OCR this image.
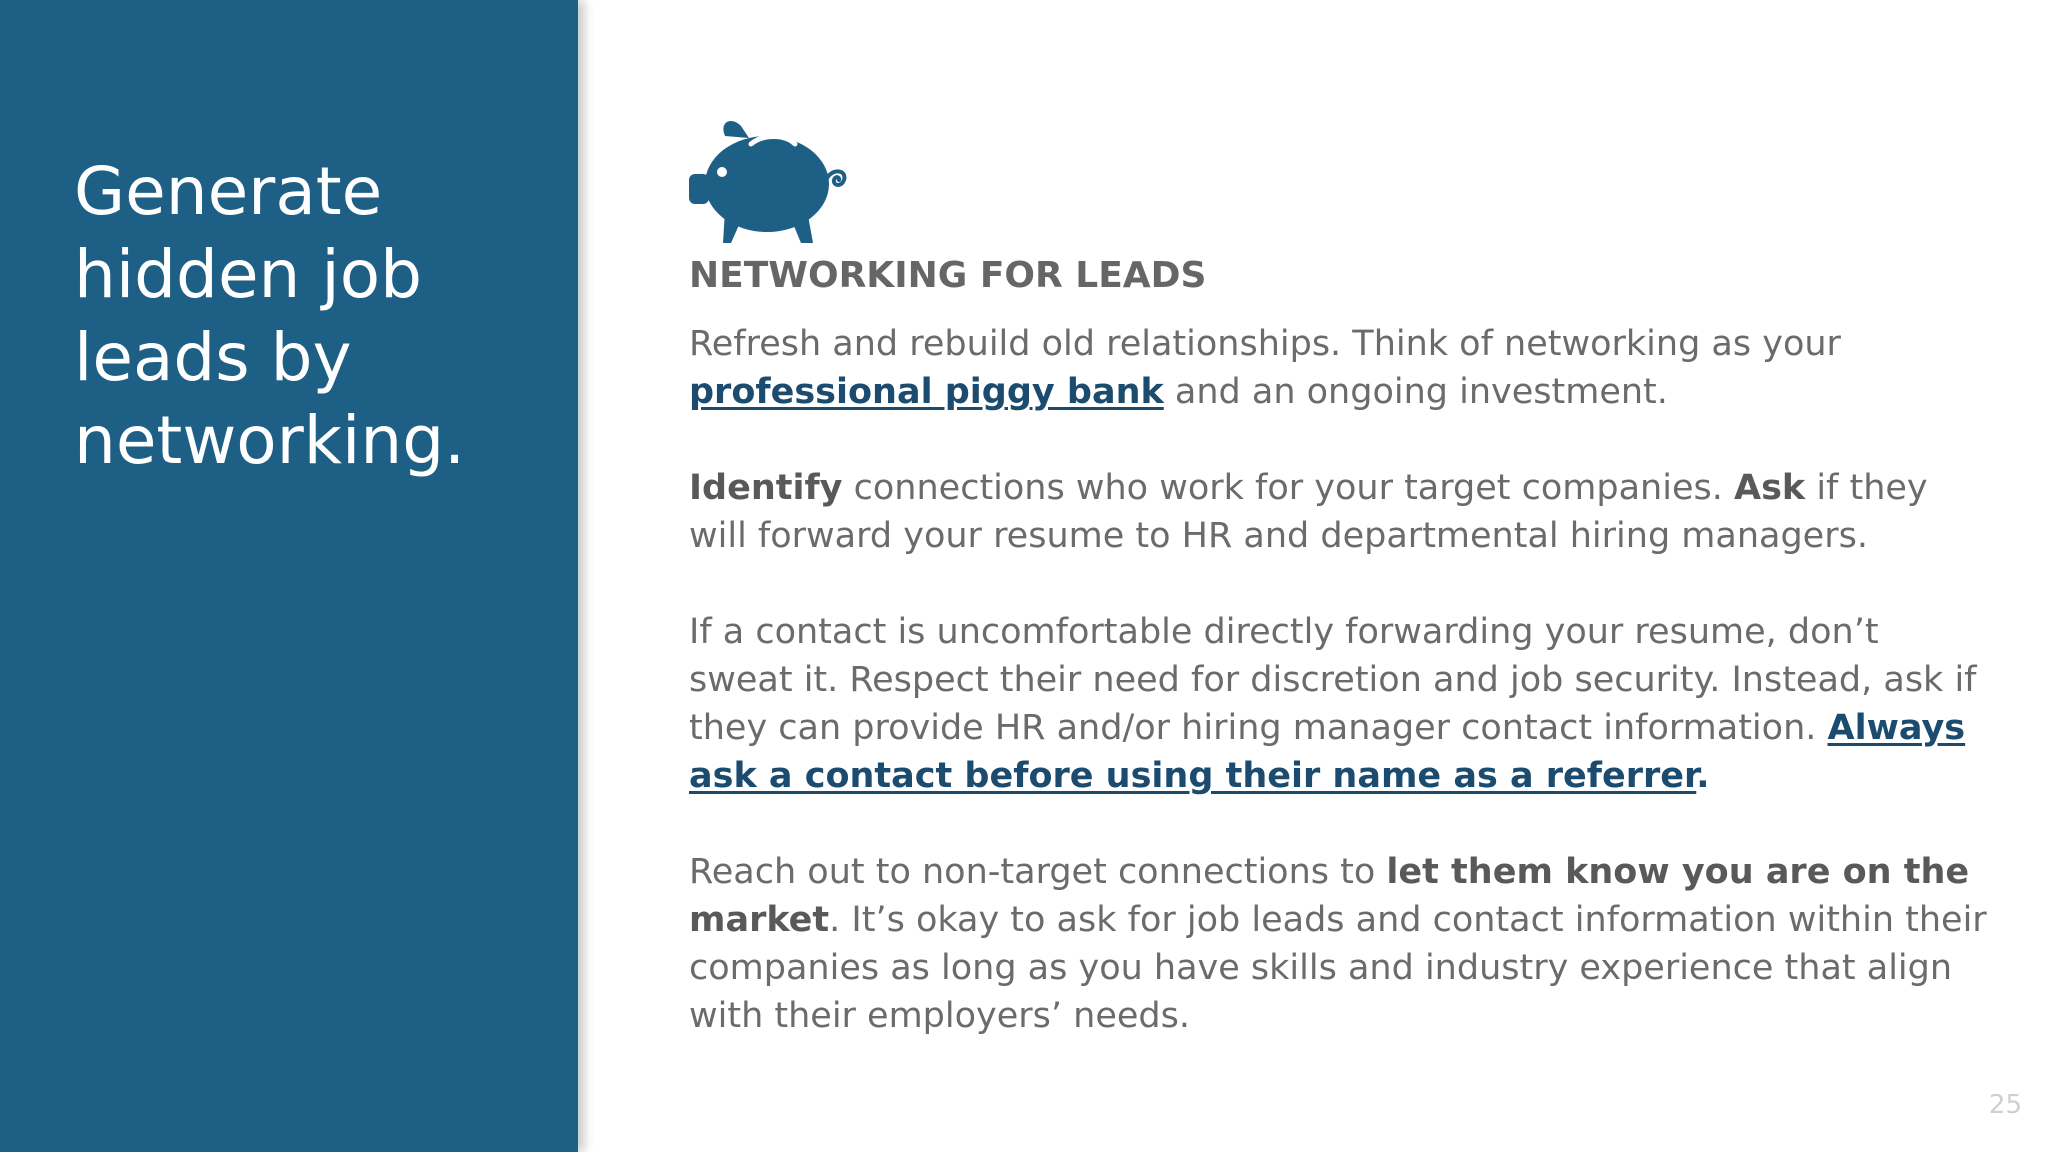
Generate hidden job leads by networking.
NETWORKING FOR LEADS

Refresh and rebuild old relationships. Think of networking as your professional piggy bank and an ongoing investment.

Identify connections who work for your target companies. Ask if they will forward your resume to HR and departmental hiring managers.

If a contact is uncomfortable directly forwarding your resume, don’t sweat it. Respect their need for discretion and job security. Instead, ask if they can provide HR and/or hiring manager contact information. Always ask a contact before using their name as a referrer.

Reach out to non-target connections to let them know you are on the market. It’s okay to ask for job leads and contact information within their companies as long as you have skills and industry experience that align with their employers’ needs.

25
